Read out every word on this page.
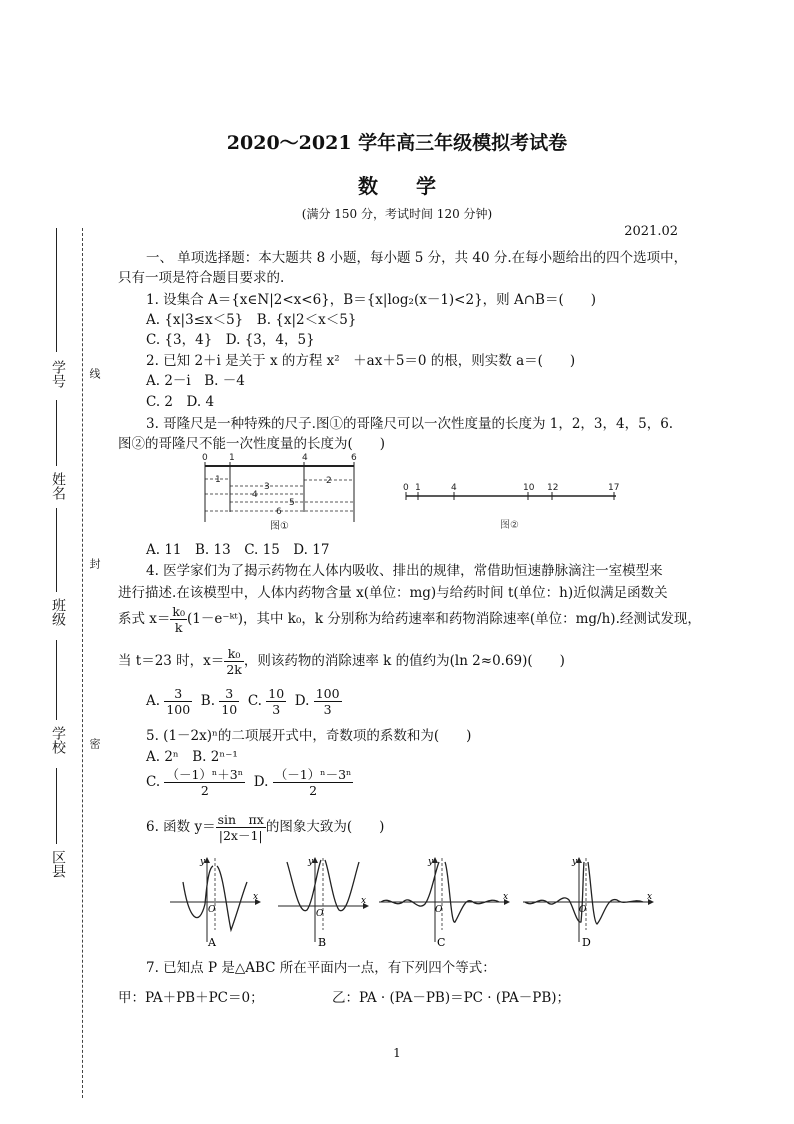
2020～2021 学年高三年级模拟考试卷
数学
(满分 150 分，考试时间 120 分钟)
2021.02
学号
姓名
班级
学校
区县
线
封
密
一、 单项选择题：本大题共 8 小题，每小题 5 分，共 40 分.在每小题给出的四个选项中，
只有一项是符合题目要求的.
1. 设集合 A＝{x∈N|2<x<6}，B＝{x|log₂(x－1)<2}，则 A∩B＝(　　)
A. {x|3≤x＜5}　B. {x|2＜x＜5}
C. {3，4}　D. {3，4，5}
2. 已知 2＋i 是关于 x 的方程 x²　＋ax＋5＝0 的根，则实数 a＝(　　)
A. 2－i　B. －4
C. 2　D. 4
3. 哥隆尺是一种特殊的尺子.图①的哥隆尺可以一次性度量的长度为 1，2，3，4，5，6.
图②的哥隆尺不能一次性度量的长度为(　　)
0 1	4	6
1
3
2
4
5
6
图①
0 1	4	10 12	17
图②
A. 11　B. 13　C. 15　D. 17
4. 医学家们为了揭示药物在人体内吸收、排出的规律，常借助恒速静脉滴注一室模型来
进行描述.在该模型中，人体内药物含量 x(单位：mg)与给药时间 t(单位：h)近似满足函数关
系式 $x= \frac{\text{k₀}}{k}$ (1－e⁻ᵏᵗ)，其中 k₀，k 分别称为给药速率和药物消除速率(单位：mg/h).经测试发现，
当 t＝23 时，$x= \frac{\text{k₀}}{2k}$ ，则该药物的消除速率 k 的值约为(ln 2≈0.69)(　　)
A. $\frac{3}{100} B$. $\frac{3}{10} C$. $\frac{10}{3} D$. $\frac{100}{3}$
5. (1－2x)ⁿ的二项展开式中，奇数项的系数和为(　　)
A. 2ⁿ　B. 2ⁿ⁻¹
C. $\frac{\text{（－1）ⁿ＋3ⁿ}}{2} D$. $\frac{\text{（－1）ⁿ－3ⁿ}}{2}$
6. 函数 $y= \frac{\text{sin　πx}}{|2x-1|}$ 的图象大致为(　　)
y
x
O
A
y
x
O
B
y
x
O
C
y
x
O
D
7. 已知点 P 是△ABC 所在平面内一点，有下列四个等式：
甲：PA＋PB＋PC＝0；	乙：PA · (PA－PB)＝PC · (PA－PB)；
1
